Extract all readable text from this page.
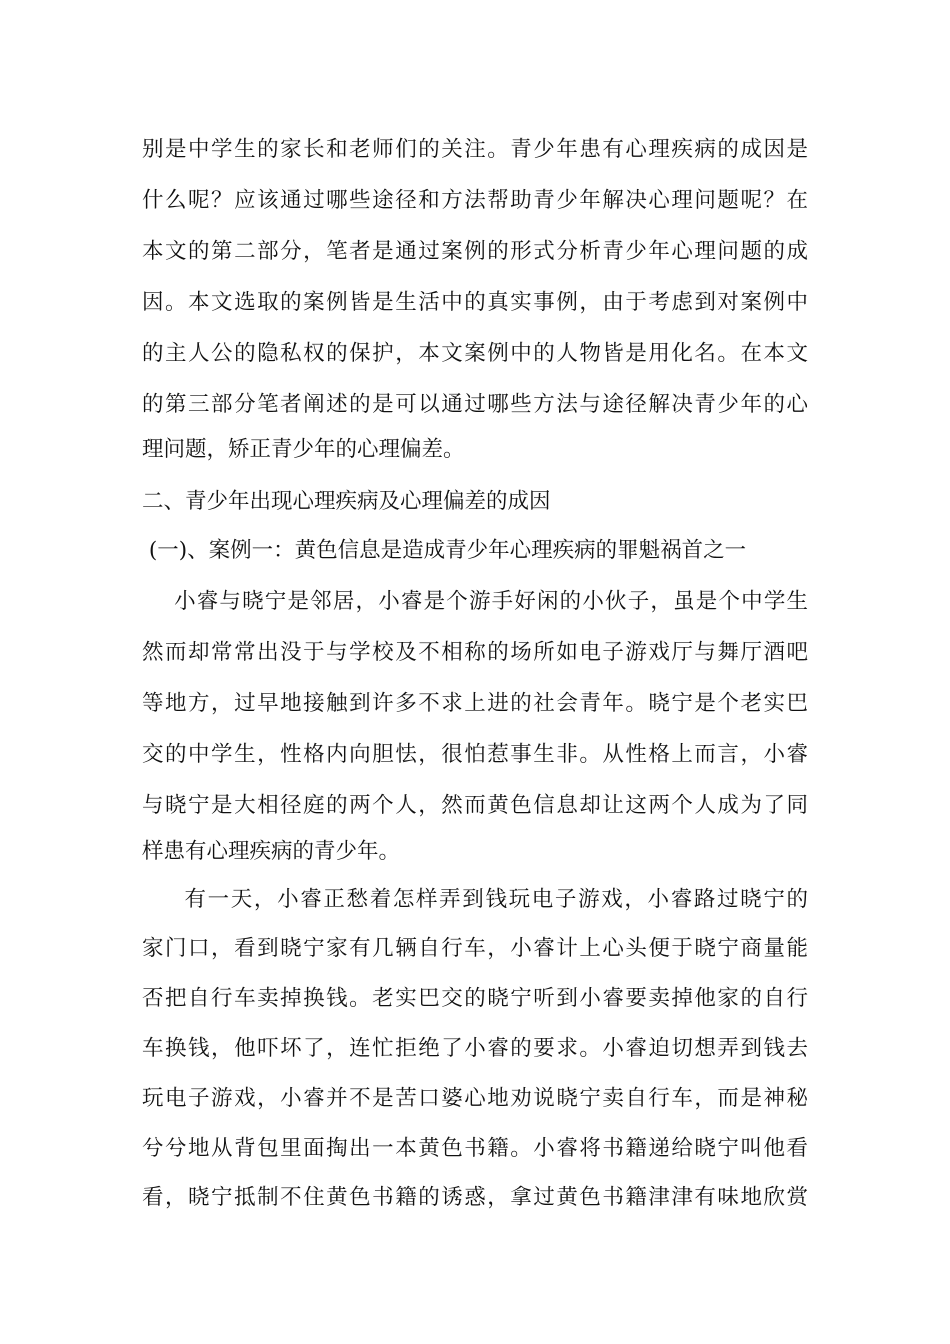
别是中学生的家长和老师们的关注。青少年患有心理疾病的成因是
什么呢？应该通过哪些途径和方法帮助青少年解决心理问题呢？在
本文的第二部分，笔者是通过案例的形式分析青少年心理问题的成
因。本文选取的案例皆是生活中的真实事例，由于考虑到对案例中
的主人公的隐私权的保护，本文案例中的人物皆是用化名。在本文
的第三部分笔者阐述的是可以通过哪些方法与途径解决青少年的心
理问题，矫正青少年的心理偏差。
二、青少年出现心理疾病及心理偏差的成因
(一)、案例一：黄色信息是造成青少年心理疾病的罪魁祸首之一
小睿与晓宁是邻居，小睿是个游手好闲的小伙子，虽是个中学生
然而却常常出没于与学校及不相称的场所如电子游戏厅与舞厅酒吧
等地方，过早地接触到许多不求上进的社会青年。晓宁是个老实巴
交的中学生，性格内向胆怯，很怕惹事生非。从性格上而言，小睿
与晓宁是大相径庭的两个人，然而黄色信息却让这两个人成为了同
样患有心理疾病的青少年。
有一天，小睿正愁着怎样弄到钱玩电子游戏，小睿路过晓宁的
家门口，看到晓宁家有几辆自行车，小睿计上心头便于晓宁商量能
否把自行车卖掉换钱。老实巴交的晓宁听到小睿要卖掉他家的自行
车换钱，他吓坏了，连忙拒绝了小睿的要求。小睿迫切想弄到钱去
玩电子游戏，小睿并不是苦口婆心地劝说晓宁卖自行车，而是神秘
兮兮地从背包里面掏出一本黄色书籍。小睿将书籍递给晓宁叫他看
看，晓宁抵制不住黄色书籍的诱惑，拿过黄色书籍津津有味地欣赏
